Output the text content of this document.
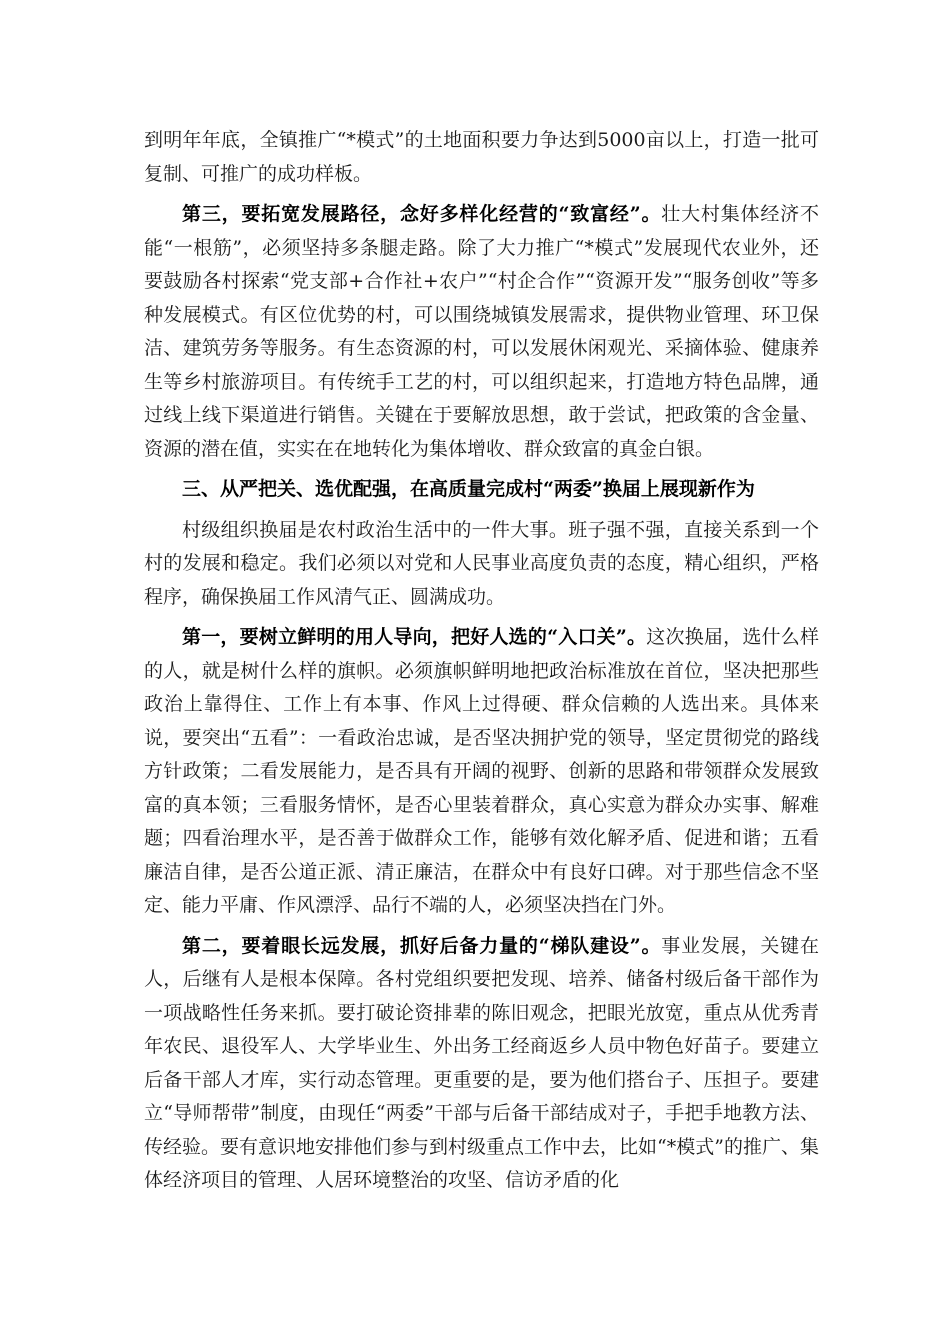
到明年年底，全镇推广“*模式”的土地面积要力争达到5000亩以上，打造一批可复制、可推广的成功样板。

第三，要拓宽发展路径，念好多样化经营的“致富经”。壮大村集体经济不能“一根筋”，必须坚持多条腿走路。除了大力推广“*模式”发展现代农业外，还要鼓励各村探索“党支部+合作社+农户”“村企合作”“资源开发”“服务创收”等多种发展模式。有区位优势的村，可以围绕城镇发展需求，提供物业管理、环卫保洁、建筑劳务等服务。有生态资源的村，可以发展休闲观光、采摘体验、健康养生等乡村旅游项目。有传统手工艺的村，可以组织起来，打造地方特色品牌，通过线上线下渠道进行销售。关键在于要解放思想，敢于尝试，把政策的含金量、资源的潜在值，实实在在地转化为集体增收、群众致富的真金白银。

三、从严把关、选优配强，在高质量完成村“两委”换届上展现新作为

村级组织换届是农村政治生活中的一件大事。班子强不强，直接关系到一个村的发展和稳定。我们必须以对党和人民事业高度负责的态度，精心组织，严格程序，确保换届工作风清气正、圆满成功。

第一，要树立鲜明的用人导向，把好人选的“入口关”。这次换届，选什么样的人，就是树什么样的旗帜。必须旗帜鲜明地把政治标准放在首位，坚决把那些政治上靠得住、工作上有本事、作风上过得硬、群众信赖的人选出来。具体来说，要突出“五看”：一看政治忠诚，是否坚决拥护党的领导，坚定贯彻党的路线方针政策；二看发展能力，是否具有开阔的视野、创新的思路和带领群众发展致富的真本领；三看服务情怀，是否心里装着群众，真心实意为群众办实事、解难题；四看治理水平，是否善于做群众工作，能够有效化解矛盾、促进和谐；五看廉洁自律，是否公道正派、清正廉洁，在群众中有良好口碑。对于那些信念不坚定、能力平庸、作风漂浮、品行不端的人，必须坚决挡在门外。

第二，要着眼长远发展，抓好后备力量的“梯队建设”。事业发展，关键在人，后继有人是根本保障。各村党组织要把发现、培养、储备村级后备干部作为一项战略性任务来抓。要打破论资排辈的陈旧观念，把眼光放宽，重点从优秀青年农民、退役军人、大学毕业生、外出务工经商返乡人员中物色好苗子。要建立后备干部人才库，实行动态管理。更重要的是，要为他们搭台子、压担子。要建立“导师帮带”制度，由现任“两委”干部与后备干部结成对子，手把手地教方法、传经验。要有意识地安排他们参与到村级重点工作中去，比如“*模式”的推广、集体经济项目的管理、人居环境整治的攻坚、信访矛盾的化
